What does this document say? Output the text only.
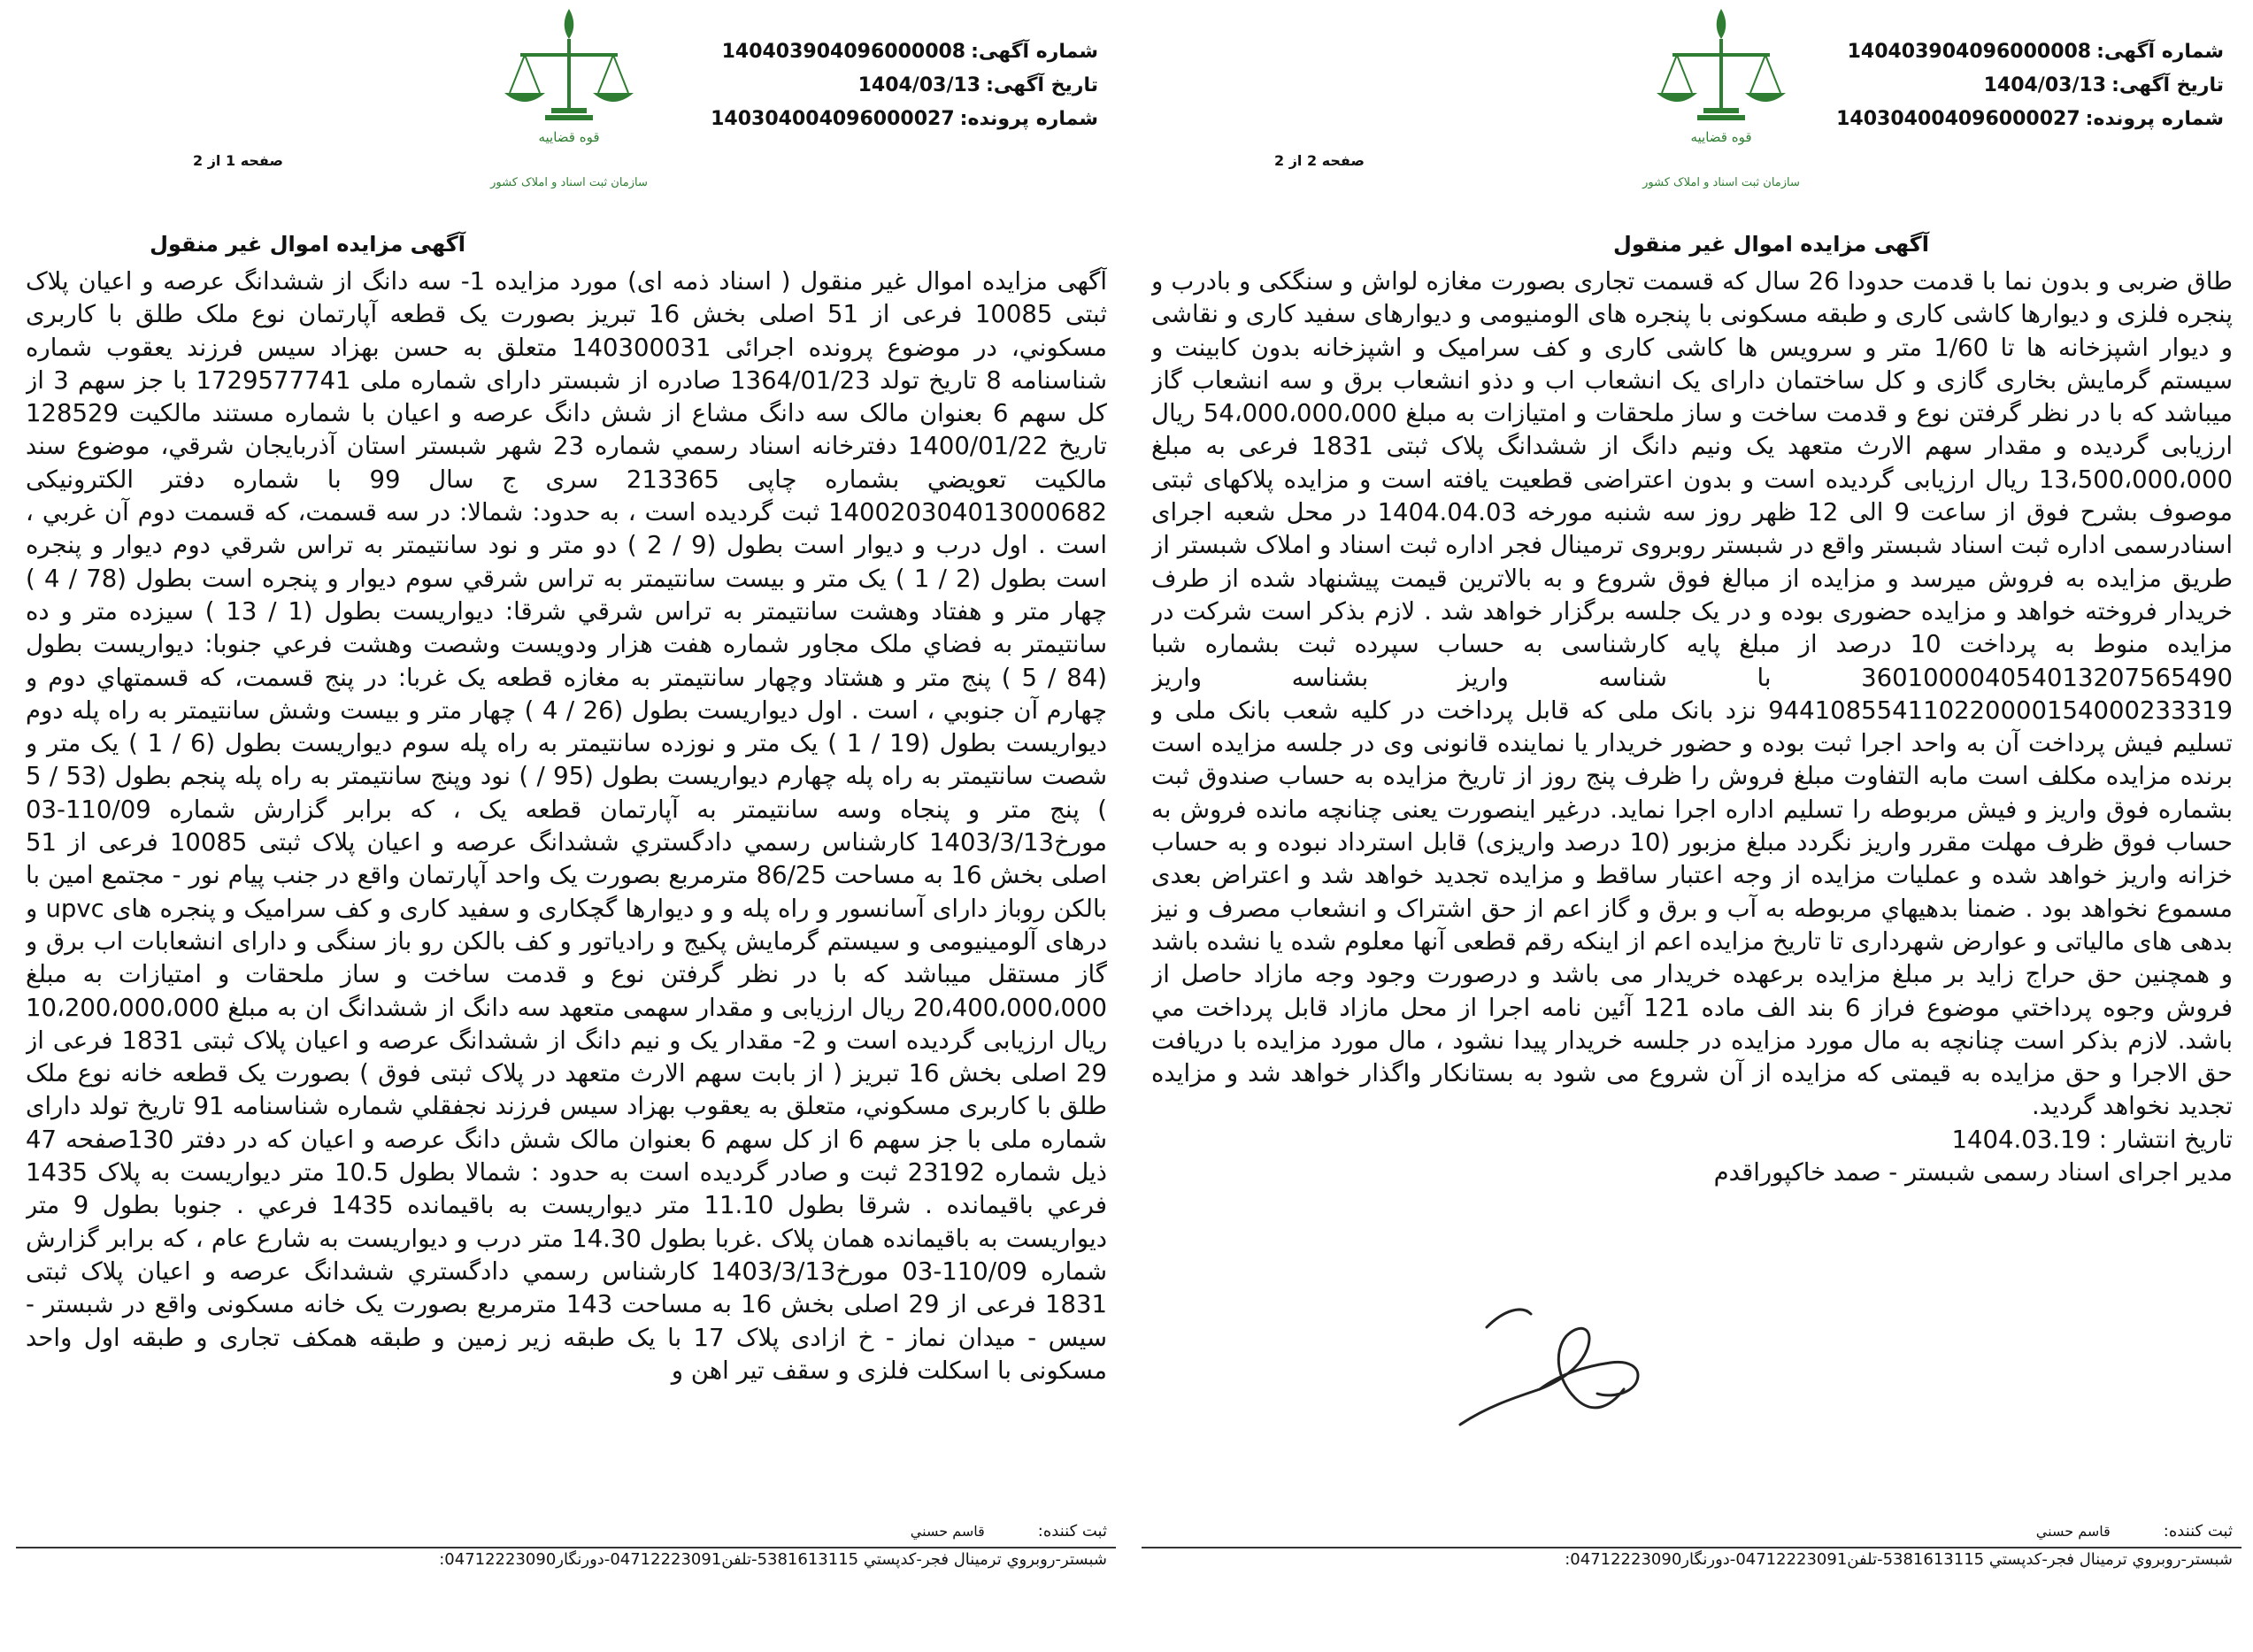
شماره آگهی:140403904096000008
تاریخ آگهی:1404/03/13
شماره پرونده:140304004096000027
قوه قضاییه
سازمان ثبت اسناد و املاک کشور
صفحه 1 از 2
آگهی مزایده اموال غیر منقول

آگهی مزایده اموال غیر منقول ( اسناد ذمه ای) مورد مزایده 1- سه دانگ از ششدانگ عرصه و اعیان پلاک ثبتی 10085 فرعی از 51 اصلی بخش 16 تبریز بصورت یک قطعه آپارتمان نوع ملک طلق با کاربری مسکوني، در موضوع پرونده اجرائی 140300031 متعلق به حسن بهزاد سیس فرزند یعقوب شماره شناسنامه 8 تاریخ تولد 1364/01/23 صادره از شبستر دارای شماره ملی 1729577741 با جز سهم 3 از کل سهم 6 بعنوان مالک سه دانگ مشاع از شش دانگ عرصه و اعیان با شماره مستند مالکیت 128529 تاریخ 1400/01/22 دفترخانه اسناد رسمي شماره 23 شهر شبستر استان آذربایجان شرقي، موضوع سند مالکيت تعويضي بشماره چاپی 213365 سری ج سال 99 با شماره دفتر الکترونیکی 140020304013000682 ثبت گردیده است ، به حدود: شمالا: در سه قسمت، که قسمت دوم آن غربي ، است . اول درب و دیوار است بطول (9 / 2 ) دو متر و نود سانتیمتر به تراس شرقي دوم ديوار و پنجره است بطول (2 / 1 ) یک متر و بیست سانتیمتر به تراس شرقي سوم ديوار و پنجره است بطول (78 / 4 ) چهار متر و هفتاد وهشت سانتیمتر به تراس شرقي شرقا: ديواريست بطول (1 / 13 ) سیزده متر و ده سانتیمتر به فضاي ملک مجاور شماره هفت هزار ودويست وشصت وهشت فرعي جنوبا: ديواريست بطول (84 / 5 ) پنج متر و هشتاد وچهار سانتيمتر به مغازه قطعه یک غربا: در پنج قسمت، که قسمتهاي دوم و چهارم آن جنوبي ، است . اول دیواریست بطول (26 / 4 ) چهار متر و بیست وشش سانتیمتر به راه پله دوم دیواریست بطول (19 / 1 ) یک متر و نوزده سانتيمتر به راه پله سوم ديواريست بطول (6 / 1 ) یک متر و شصت سانتیمتر به راه پله چهارم ديواريست بطول (95 / ) نود وپنج سانتیمتر به راه پله پنجم بطول (53 / 5 ) پنج متر و پنجاه وسه سانتیمتر به آپارتمان قطعه یک ، که برابر گزارش شماره 110/09-03 مورخ1403/3/13 کارشناس رسمي دادگستري ششدانگ عرصه و اعیان پلاک ثبتی 10085 فرعی از 51 اصلی بخش 16 به مساحت 86/25 مترمربع بصورت یک واحد آپارتمان واقع در جنب پیام نور - مجتمع امین با بالکن روباز دارای آسانسور و راه پله و و دیوارها گچکاری و سفید کاری و کف سرامیک و پنجره های upvc و درهای آلومینیومی و سیستم گرمایش پکیج و رادیاتور و کف بالکن رو باز سنگی و دارای انشعابات اب برق و گاز مستقل میباشد که با در نظر گرفتن نوع و قدمت ساخت و ساز ملحقات و امتیازات به مبلغ 20،400،000،000 ریال ارزیابی و مقدار سهمی متعهد سه دانگ از ششدانگ ان به مبلغ 10،200،000،000 ریال ارزیابی گردیده است و 2- مقدار یک و نیم دانگ از ششدانگ عرصه و اعیان پلاک ثبتی 1831 فرعی از 29 اصلی بخش 16 تبریز ( از بابت سهم الارث متعهد در پلاک ثبتی فوق ) بصورت یک قطعه خانه نوع ملک طلق با کاربری مسکوني، متعلق به یعقوب بهزاد سیس فرزند نجفقلي شماره شناسنامه 91 تاریخ تولد دارای شماره ملی با جز سهم 6 از کل سهم 6 بعنوان مالک شش دانگ عرصه و اعیان که در دفتر 130صفحه 47 ذیل شماره 23192 ثبت و صادر گردیده است به حدود : شمالا بطول 10.5 متر دیواریست به پلاک 1435 فرعي باقیمانده . شرقا بطول 11.10 متر دیواریست به باقیمانده 1435 فرعي . جنوبا بطول 9 متر دیواریست به باقیمانده همان پلاک .غربا بطول 14.30 متر درب و دیواریست به شارع عام ، که برابر گزارش شماره 110/09-03 مورخ1403/3/13 کارشناس رسمي دادگستري ششدانگ عرصه و اعیان پلاک ثبتی 1831 فرعی از 29 اصلی بخش 16 به مساحت 143 مترمربع بصورت یک خانه مسکونی واقع در شبستر - سیس - میدان نماز - خ ازادی پلاک 17 با یک طبقه زیر زمین و طبقه همکف تجاری و طبقه اول واحد مسکونی با اسکلت فلزی و سقف تیر اهن و

ثبت کننده:قاسم حسني
شبستر-روبروي ترمينال فجر-کدپستي 5381613115-تلفن04712223091-دورنگار04712223090:
شماره آگهی:140403904096000008
تاریخ آگهی:1404/03/13
شماره پرونده:140304004096000027
قوه قضاییه
سازمان ثبت اسناد و املاک کشور
صفحه 2 از 2
آگهی مزایده اموال غیر منقول

طاق ضربی و بدون نما با قدمت حدودا 26 سال که قسمت تجاری بصورت مغازه لواش و سنگکی و بادرب و پنجره فلزی و دیوارها کاشی کاری و طبقه مسکونی با پنجره های الومنیومی و دیوارهای سفید کاری و نقاشی و دیوار اشپزخانه ها تا 1/60 متر و سرویس ها کاشی کاری و کف سرامیک و اشپزخانه بدون کابینت و سیستم گرمایش بخاری گازی و کل ساختمان دارای یک انشعاب اب و دذو انشعاب برق و سه انشعاب گاز میباشد که با در نظر گرفتن نوع و قدمت ساخت و ساز ملحقات و امتیازات به مبلغ 54،000،000،000 ریال ارزیابی گردیده و مقدار سهم الارث متعهد یک ونیم دانگ از ششدانگ پلاک ثبتی 1831 فرعی به مبلغ 13،500،000،000 ریال ارزیابی گردیده است و بدون اعتراضی قطعیت یافته است و مزایده پلاکهای ثبتی موصوف بشرح فوق از ساعت 9 الی 12 ظهر روز سه شنبه مورخه 1404.04.03 در محل شعبه اجرای اسنادرسمی اداره ثبت اسناد شبستر واقع در شبستر روبروی ترمینال فجر اداره ثبت اسناد و املاک شبستر از طریق مزایده به فروش میرسد و مزایده از مبالغ فوق شروع و به بالاترین قیمت پیشنهاد شده از طرف خریدار فروخته خواهد و مزایده حضوری بوده و در یک جلسه برگزار خواهد شد . لازم بذکر است شرکت در مزایده منوط به پرداخت 10 درصد از مبلغ پایه کارشناسی به حساب سپرده ثبت بشماره شبا 360100004054013207565490 با شناسه واریز بشناسه واریز 944108554110220000154000233319 نزد بانک ملی که قابل پرداخت در کلیه شعب بانک ملی و تسلیم فیش پرداخت آن به واحد اجرا ثبت بوده و حضور خریدار یا نماینده قانونی وی در جلسه مزایده است برنده مزایده مکلف است مابه التفاوت مبلغ فروش را ظرف پنج روز از تاریخ مزایده به حساب صندوق ثبت بشماره فوق واریز و فیش مربوطه را تسلیم اداره اجرا نماید. درغیر اینصورت یعنی چنانچه مانده فروش به حساب فوق ظرف مهلت مقرر واریز نگردد مبلغ مزبور (10 درصد واریزی) قابل استرداد نبوده و به حساب خزانه واریز خواهد شده و عملیات مزایده از وجه اعتبار ساقط و مزایده تجدید خواهد شد و اعتراض بعدی مسموع نخواهد بود . ضمنا بدهيهاي مربوطه به آب و برق و گاز اعم از حق اشتراک و انشعاب مصرف و نیز بدهی های مالیاتی و عوارض شهرداری تا تاریخ مزایده اعم از اینکه رقم قطعی آنها معلوم شده یا نشده باشد و همچنین حق حراج زاید بر مبلغ مزایده برعهده خریدار می باشد و درصورت وجود وجه مازاد حاصل از فروش وجوه پرداختي موضوع فراز 6 بند الف ماده 121 آئين نامه اجرا از محل مازاد قابل پرداخت مي باشد. لازم بذکر است چنانچه به مال مورد مزایده در جلسه خریدار پیدا نشود ، مال مورد مزایده با دریافت حق الاجرا و حق مزایده به قیمتی که مزایده از آن شروع می شود به بستانکار واگذار خواهد شد و مزایده تجدید نخواهد گردید.

تاریخ انتشار : 1404.03.19

مدیر اجرای اسناد رسمی شبستر - صمد خاکپوراقدم

ثبت کننده:قاسم حسني
شبستر-روبروي ترمينال فجر-کدپستي 5381613115-تلفن04712223091-دورنگار04712223090:
